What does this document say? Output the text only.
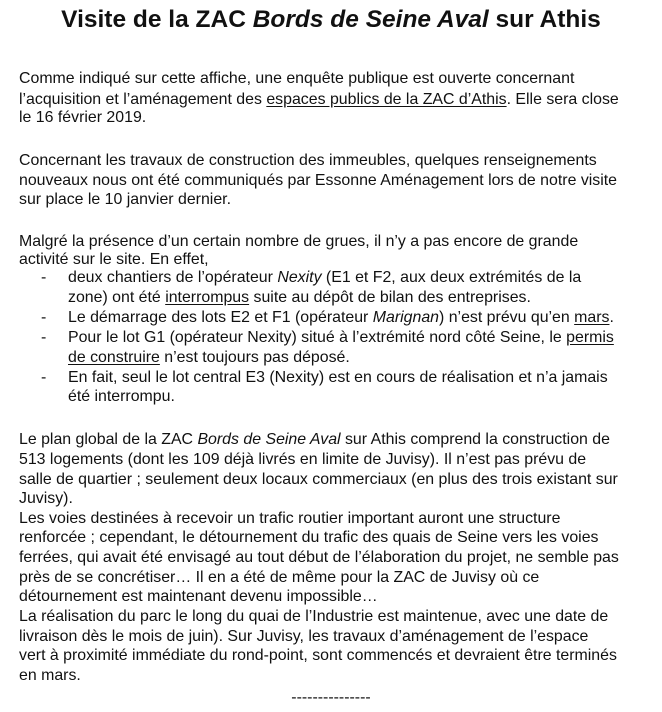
Visite de la ZAC Bords de Seine Aval sur Athis
Comme indiqué sur cette affiche, une enquête publique est ouverte concernant
l’acquisition et l’aménagement des espaces publics de la ZAC d’Athis. Elle sera close
le 16 février 2019.
Concernant les travaux de construction des immeubles, quelques renseignements
nouveaux nous ont été communiqués par Essonne Aménagement lors de notre visite
sur place le 10 janvier dernier.
Malgré la présence d’un certain nombre de grues, il n’y a pas encore de grande
activité sur le site. En effet,
- deux chantiers de l’opérateur Nexity (E1 et F2, aux deux extrémités de la
zone) ont été interrompus suite au dépôt de bilan des entreprises.
- Le démarrage des lots E2 et F1 (opérateur Marignan) n’est prévu qu’en mars.
- Pour le lot G1 (opérateur Nexity) situé à l’extrémité nord côté Seine, le permis
de construire n’est toujours pas déposé.
- En fait, seul le lot central E3 (Nexity) est en cours de réalisation et n’a jamais
été interrompu.
Le plan global de la ZAC Bords de Seine Aval sur Athis comprend la construction de
513 logements (dont les 109 déjà livrés en limite de Juvisy). Il n’est pas prévu de
salle de quartier ; seulement deux locaux commerciaux (en plus des trois existant sur
Juvisy).
Les voies destinées à recevoir un trafic routier important auront une structure
renforcée ; cependant, le détournement du trafic des quais de Seine vers les voies
ferrées, qui avait été envisagé au tout début de l’élaboration du projet, ne semble pas
près de se concrétiser… Il en a été de même pour la ZAC de Juvisy où ce
détournement est maintenant devenu impossible…
La réalisation du parc le long du quai de l’Industrie est maintenue, avec une date de
livraison dès le mois de juin). Sur Juvisy, les travaux d’aménagement de l’espace
vert à proximité immédiate du rond-point, sont commencés et devraient être terminés
en mars.
---------------
